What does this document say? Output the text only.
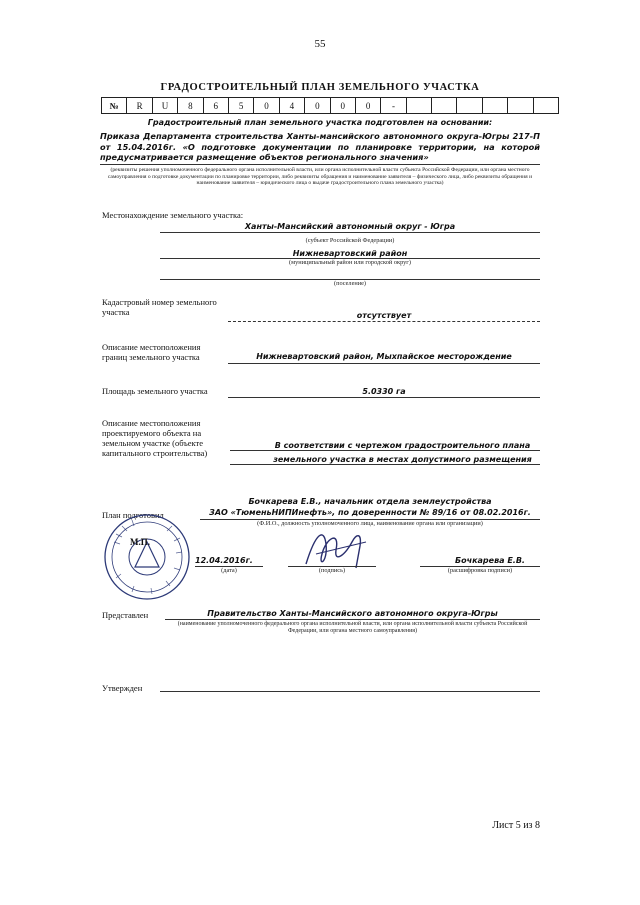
55
ГРАДОСТРОИТЕЛЬНЫЙ ПЛАН ЗЕМЕЛЬНОГО УЧАСТКА
№	R	U	8	6	5	0	4	0	0	0	-						
Градостроительный план земельного участка подготовлен на основании:
Приказа Департамента строительства Ханты-мансийского автономного округа-Югры 217-П от 15.04.2016г. «О подготовке документации по планировке территории, на которой предусматривается размещение объектов регионального значения»
(реквизиты решения уполномоченного федерального органа исполнительной власти, или органа исполнительной власти субъекта Российской Федерации, или органа местного самоуправления о подготовке документации по планировке территории, либо реквизиты обращения и наименование заявителя – физического лица, либо реквизиты обращения и наименование заявителя – юридического лица о выдаче градостроительного плана земельного участка)
Местонахождение земельного участка:
Ханты-Мансийский автономный округ - Югра
(субъект Российской Федерации)
Нижневартовский район
(муниципальный район или городской округ)
(поселение)
Кадастровый номер земельного участка	отсутствует
Описание местоположения границ земельного участка	Нижневартовский район, Мыхпайское месторождение
Площадь земельного участка	5.0330 га
Описание местоположения проектируемого объекта на земельном участке (объекте капитального строительства)
В соответствии с чертежом градостроительного плана земельного участка в местах допустимого размещения
План подготовил
Бочкарева Е.В., начальник отдела землеустройства
ЗАО «ТюменьНИПИнефть», по доверенности № 89/16 от 08.02.2016г.
(Ф.И.О., должность уполномоченного лица, наименование органа или организации)
М.П.
12.04.2016г.
(дата)	(подпись)
Бочкарева Е.В.
(расшифровка подписи)
Представлен	Правительство Ханты-Мансийского автономного округа-Югры
(наименование уполномоченного федерального органа исполнительной власти, или органа исполнительной власти субъекта Российской Федерации, или органа местного самоуправления)
Утвержден
Лист 5 из 8
